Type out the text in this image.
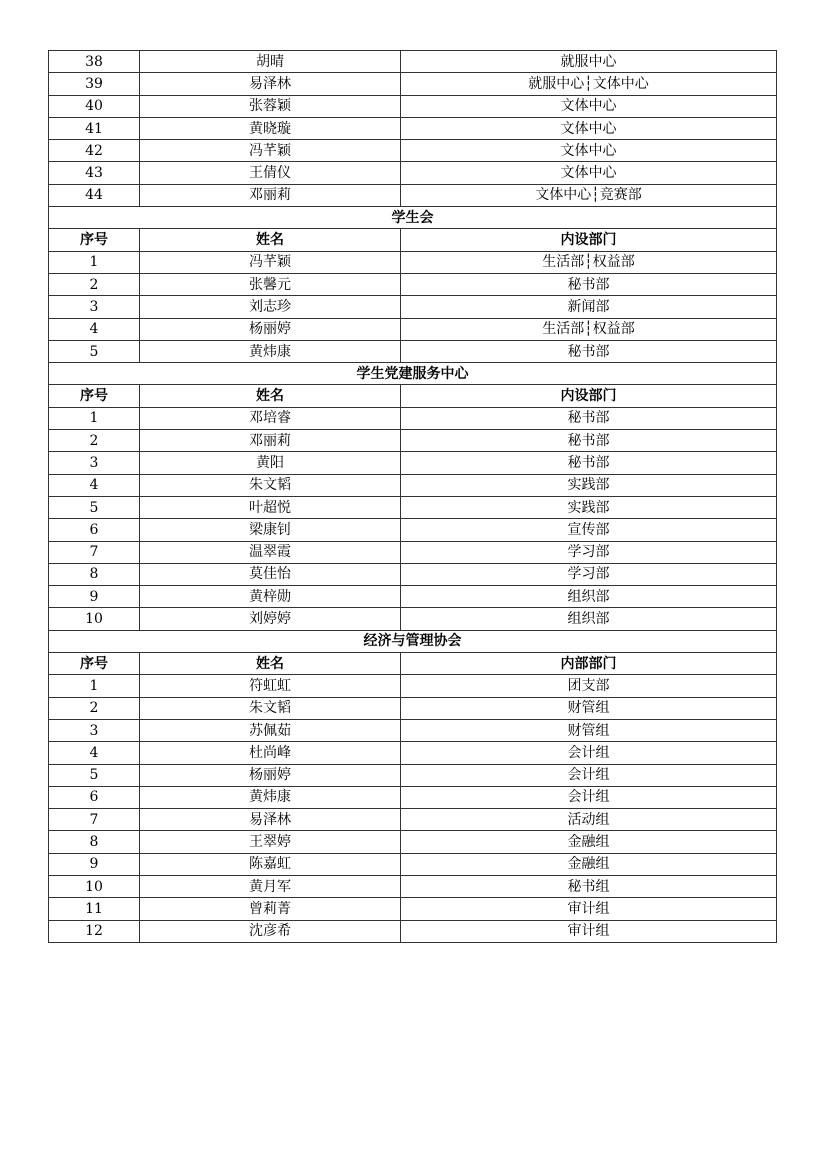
38	胡晴	就服中心
39	易泽林	就服中心┆文体中心
40	张蓉颖	文体中心
41	黄晓璇	文体中心
42	冯芊颖	文体中心
43	王倩仪	文体中心
44	邓丽莉	文体中心┆竞赛部
学生会		
序号	姓名	内设部门
1	冯芊颖	生活部┆权益部
2	张馨元	秘书部
3	刘志珍	新闻部
4	杨丽婷	生活部┆权益部
5	黄炜康	秘书部
学生党建服务中心		
序号	姓名	内设部门
1	邓培睿	秘书部
2	邓丽莉	秘书部
3	黄阳	秘书部
4	朱文韬	实践部
5	叶超悦	实践部
6	梁康钊	宣传部
7	温翠霞	学习部
8	莫佳怡	学习部
9	黄梓勋	组织部
10	刘婷婷	组织部
经济与管理协会		
序号	姓名	内部部门
1	符虹虹	团支部
2	朱文韬	财管组
3	苏佩茹	财管组
4	杜尚峰	会计组
5	杨丽婷	会计组
6	黄炜康	会计组
7	易泽林	活动组
8	王翠婷	金融组
9	陈嘉虹	金融组
10	黄月军	秘书组
11	曾莉菁	审计组
12	沈彦希	审计组
